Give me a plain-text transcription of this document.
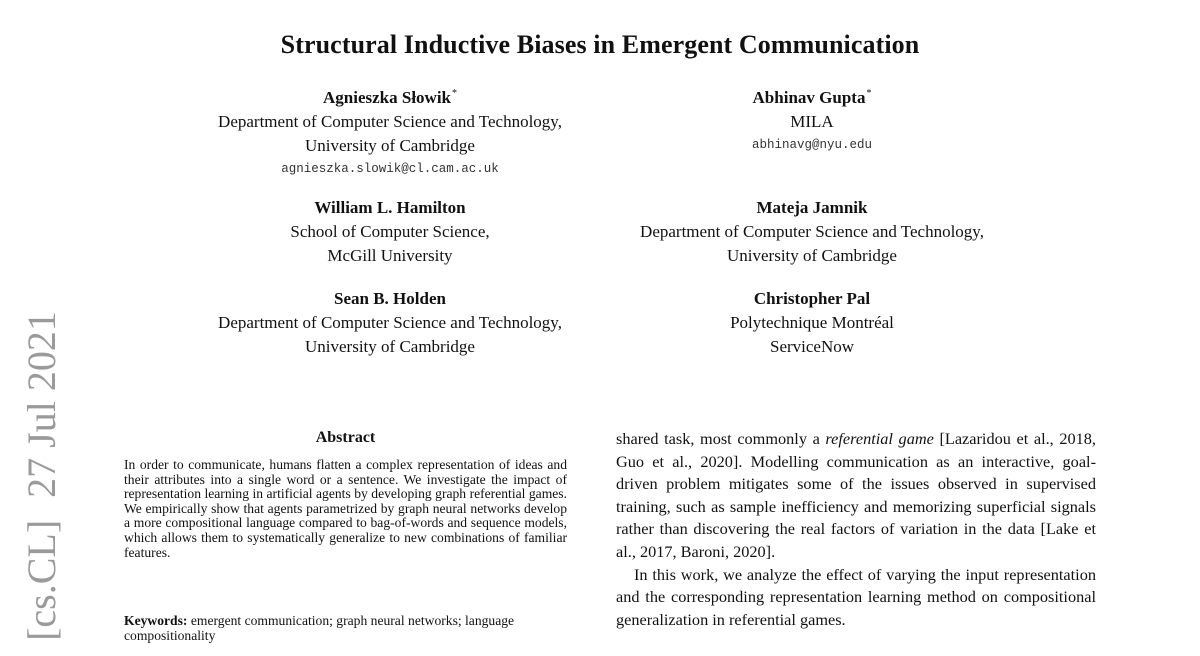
Structural Inductive Biases in Emergent Communication
Agnieszka Słowik*
Department of Computer Science and Technology,
University of Cambridge
agnieszka.slowik@cl.cam.ac.uk
Abhinav Gupta*
MILA
abhinavg@nyu.edu
William L. Hamilton
School of Computer Science,
McGill University
Mateja Jamnik
Department of Computer Science and Technology,
University of Cambridge
Sean B. Holden
Department of Computer Science and Technology,
University of Cambridge
Christopher Pal
Polytechnique Montréal
ServiceNow
[cs.CL] 27 Jul 2021	Abstract
In order to communicate, humans flatten a complex representation of ideas and their attributes into a single word or a sentence. We investigate the impact of representation learning in artificial agents by developing graph referential games. We empirically show that agents parametrized by graph neural networks develop a more compositional language compared to bag-of-words and sequence models, which allows them to systematically generalize to new combinations of familiar features.
Keywords: emergent communication; graph neural networks; language compositionality

shared task, most commonly a referential game [Lazaridou et al., 2018, Guo et al., 2020]. Modelling communication as an interactive, goal-driven problem mitigates some of the issues observed in supervised training, such as sample inefficiency and memorizing superficial signals rather than discovering the real factors of variation in the data [Lake et al., 2017, Baroni, 2020].

In this work, we analyze the effect of varying the input representation and the corresponding representation learning method on compositional generalization in referential games.
